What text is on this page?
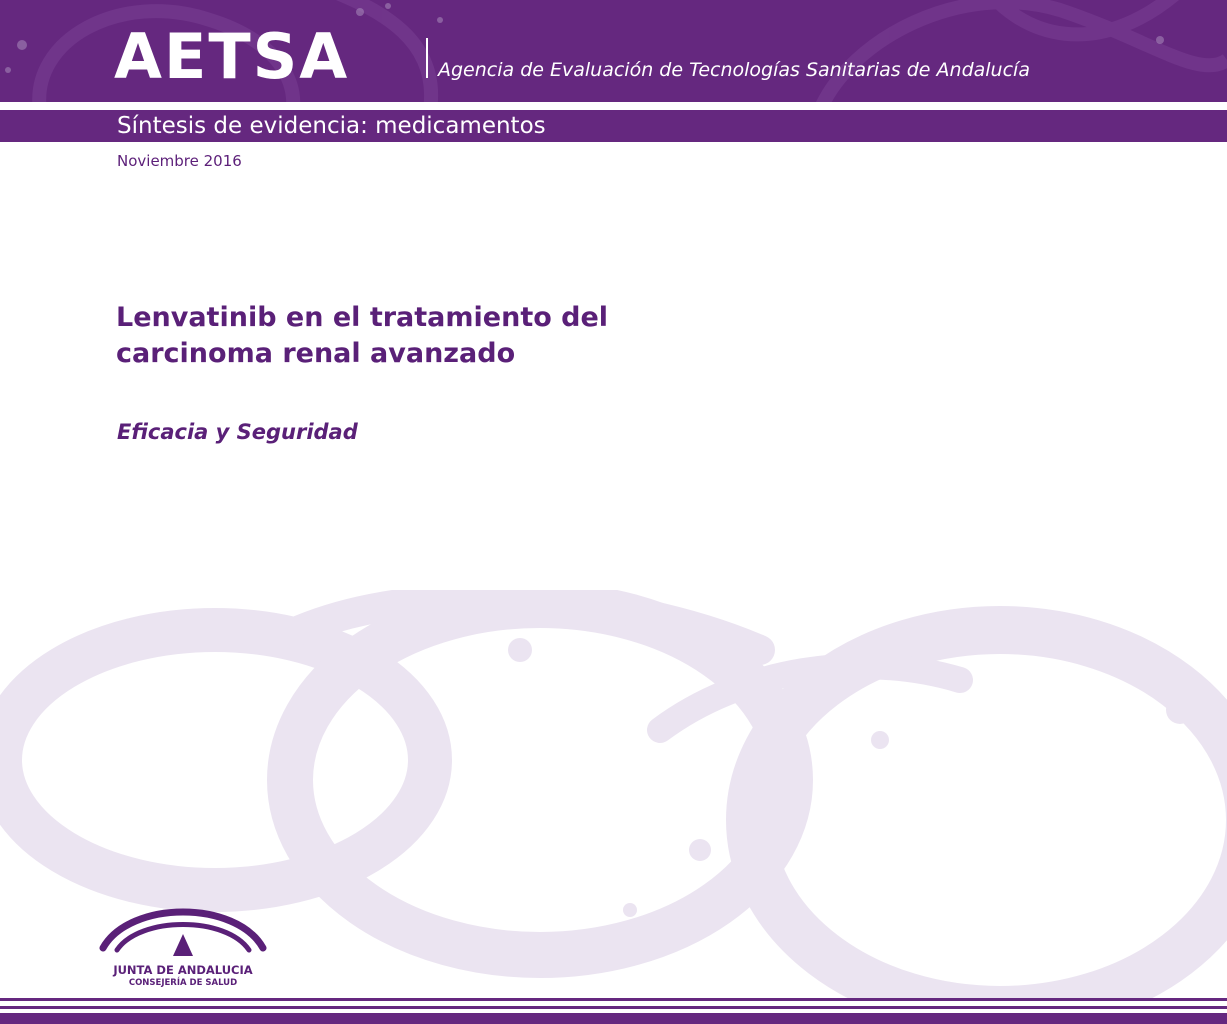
AETSA	Agencia de Evaluación de Tecnologías Sanitarias de Andalucía
Síntesis de evidencia: medicamentos
Noviembre 2016
Lenvatinib en el tratamiento del
carcinoma renal avanzado
Eficacia y Seguridad
JUNTA DE ANDALUCIA
CONSEJERÍA DE SALUD
